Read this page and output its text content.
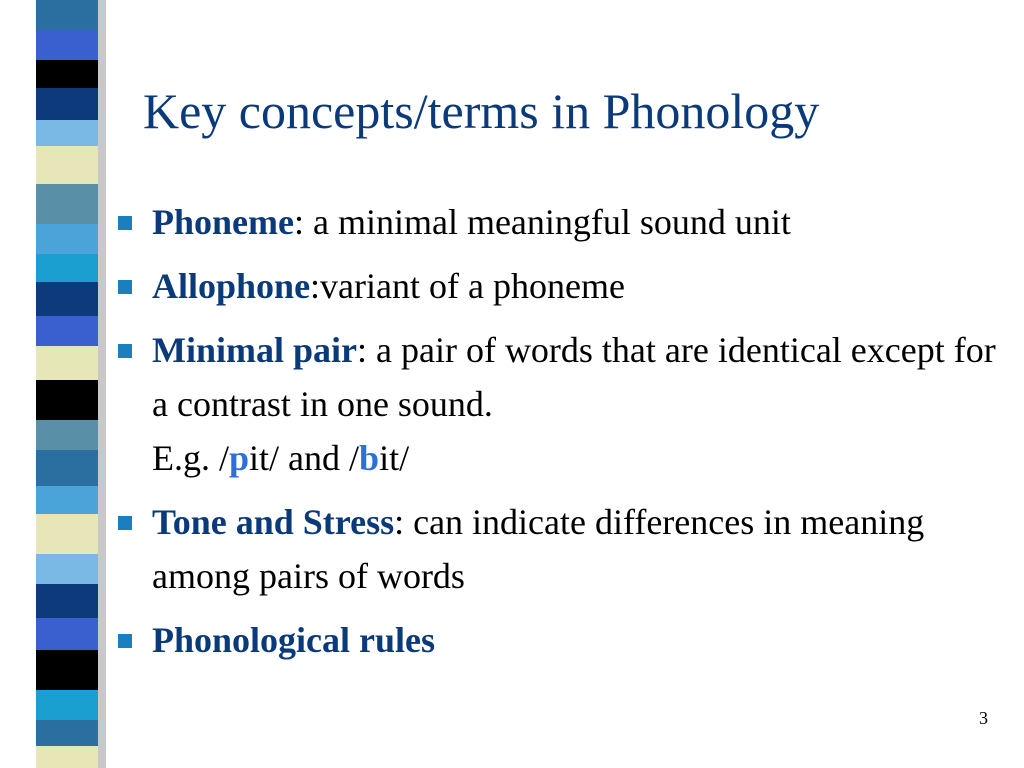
Key concepts/terms in Phonology
Phoneme: a minimal meaningful sound unit
Allophone:variant of a phoneme
Minimal pair: a pair of words that are identical except for a contrast in one sound.
E.g. /pit/ and /bit/
Tone and Stress: can indicate differences in meaning among pairs of words
Phonological rules
3
